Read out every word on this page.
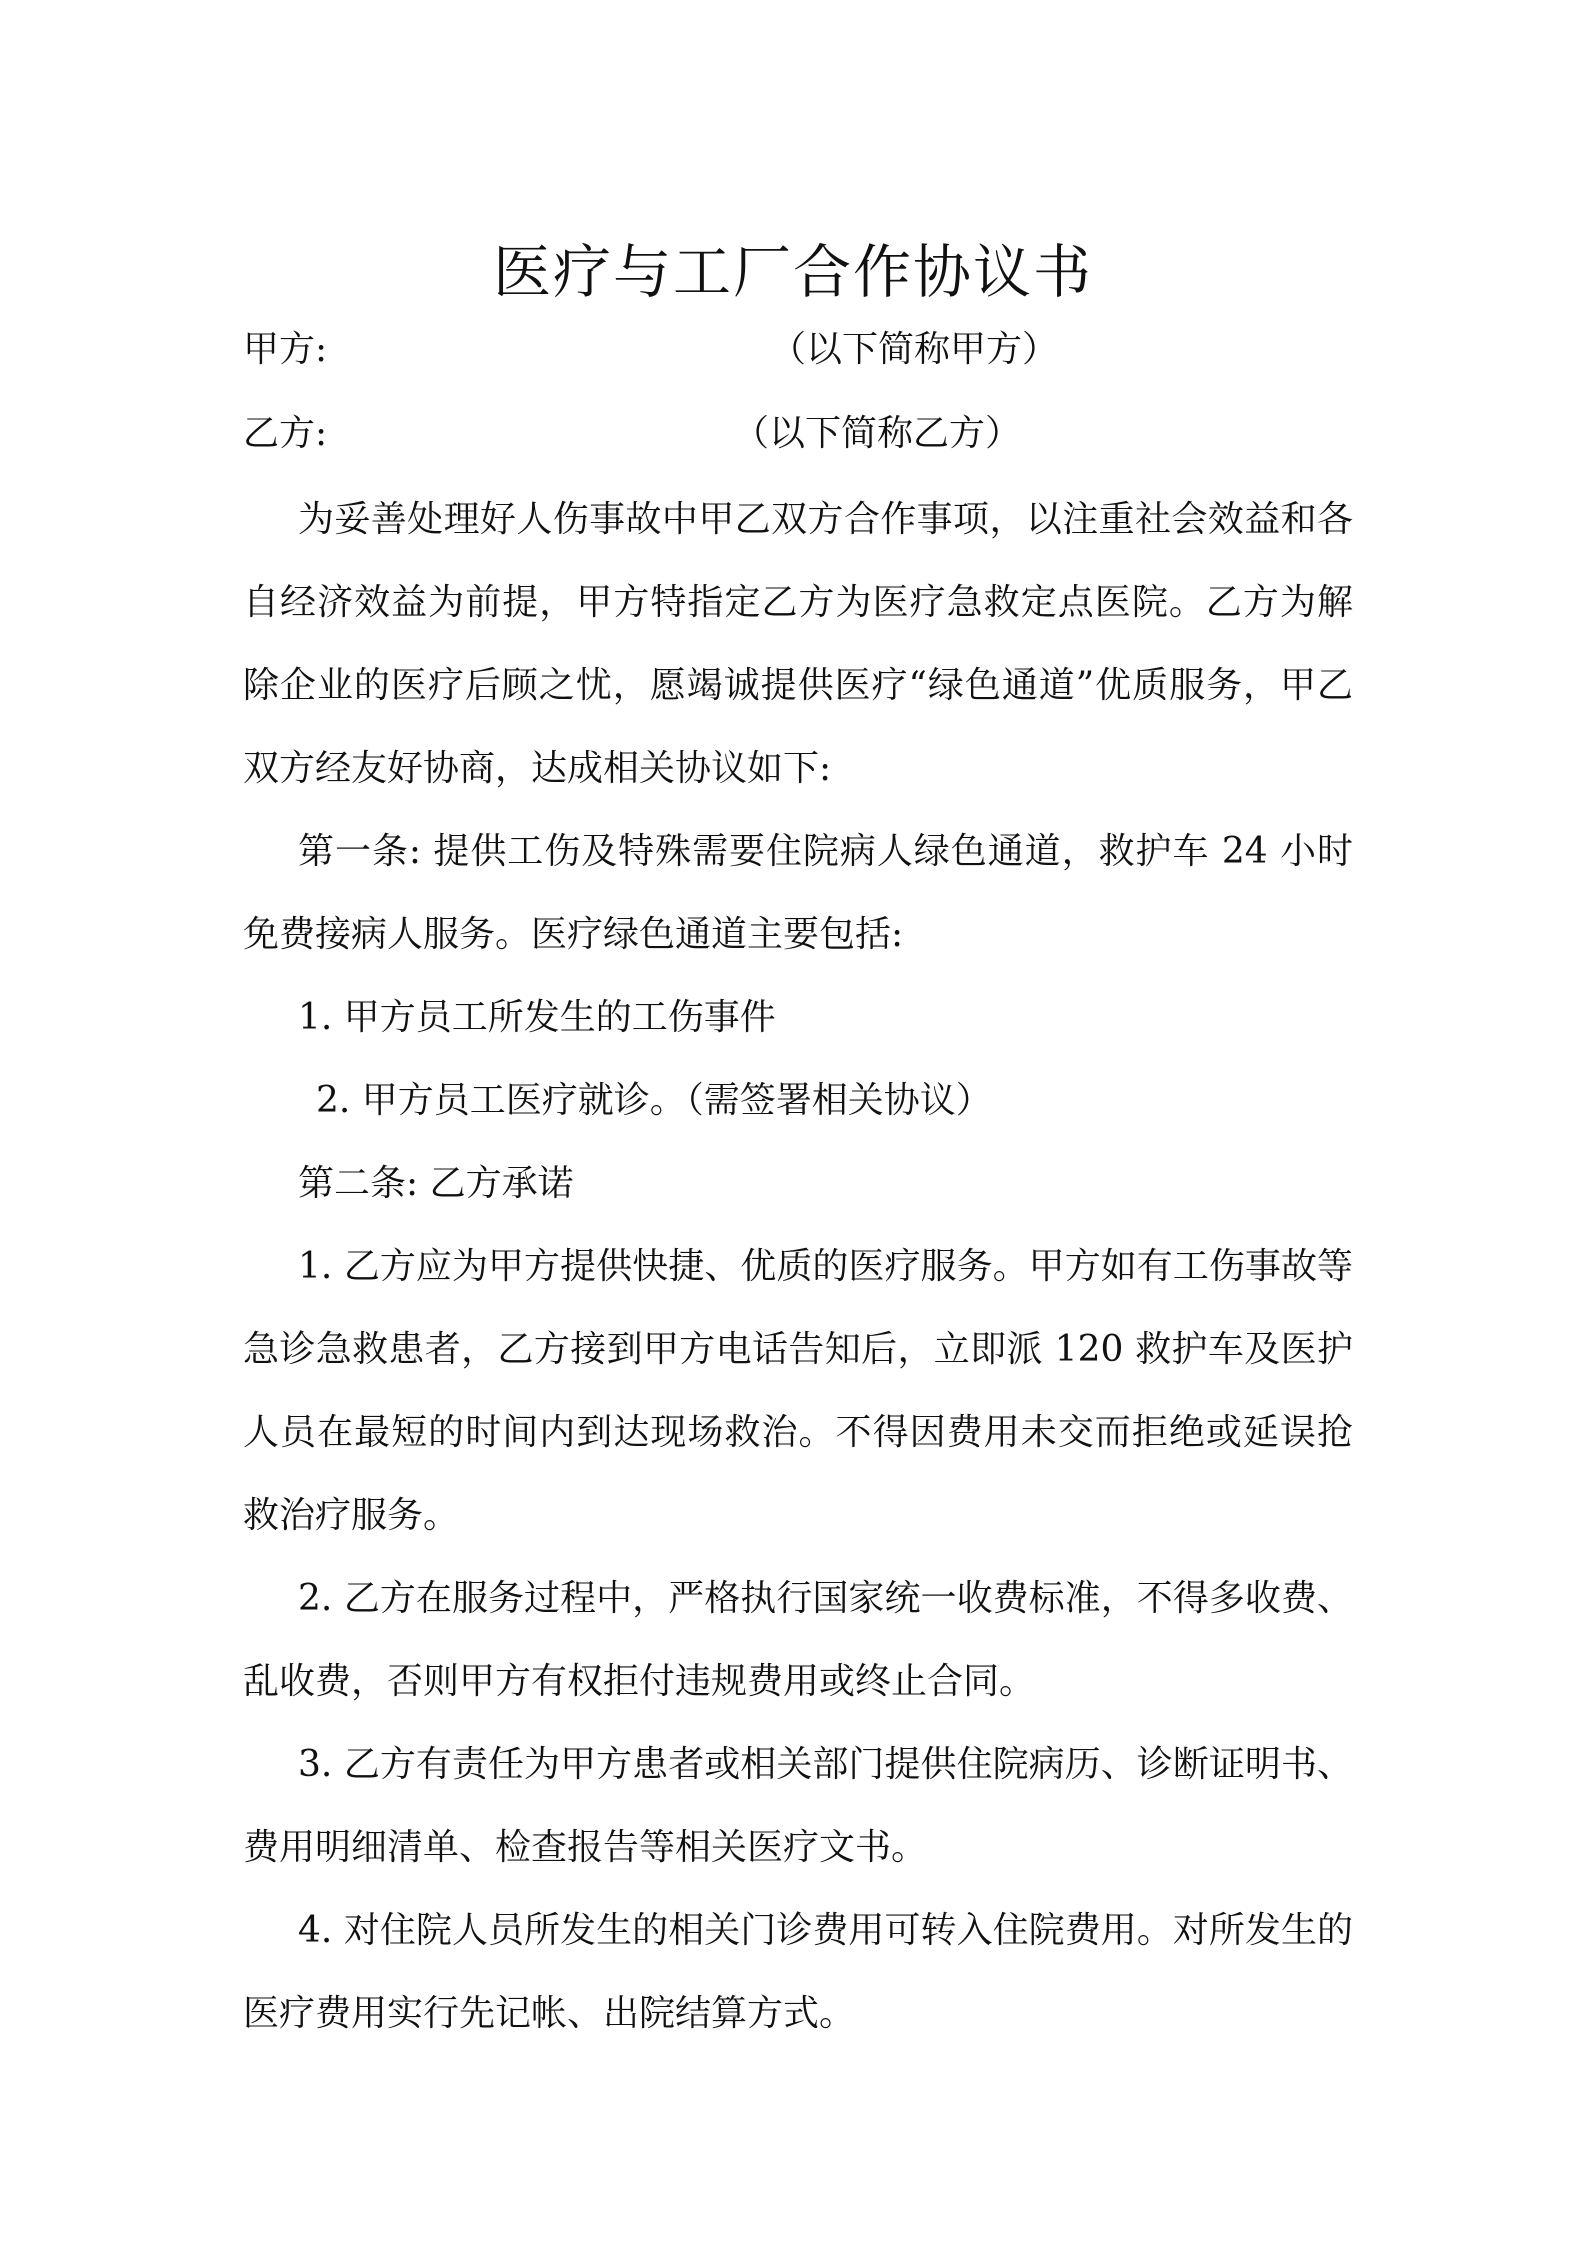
医疗与工厂合作协议书
甲方:	（以下简称甲方）
乙方:	（以下简称乙方）

为妥善处理好人伤事故中甲乙双方合作事项，以注重社会效益和各自经济效益为前提，甲方特指定乙方为医疗急救定点医院。乙方为解除企业的医疗后顾之忧，愿竭诚提供医疗“绿色通道”优质服务，甲乙双方经友好协商，达成相关协议如下:

第一条: 提供工伤及特殊需要住院病人绿色通道，救护车 24 小时免费接病人服务。医疗绿色通道主要包括:

1. 甲方员工所发生的工伤事件

2. 甲方员工医疗就诊。（需签署相关协议）

第二条: 乙方承诺

1. 乙方应为甲方提供快捷、优质的医疗服务。甲方如有工伤事故等急诊急救患者，乙方接到甲方电话告知后，立即派 120 救护车及医护人员在最短的时间内到达现场救治。不得因费用未交而拒绝或延误抢救治疗服务。

2. 乙方在服务过程中，严格执行国家统一收费标准，不得多收费、乱收费，否则甲方有权拒付违规费用或终止合同。

3. 乙方有责任为甲方患者或相关部门提供住院病历、诊断证明书、费用明细清单、检查报告等相关医疗文书。

4. 对住院人员所发生的相关门诊费用可转入住院费用。对所发生的医疗费用实行先记帐、出院结算方式。
